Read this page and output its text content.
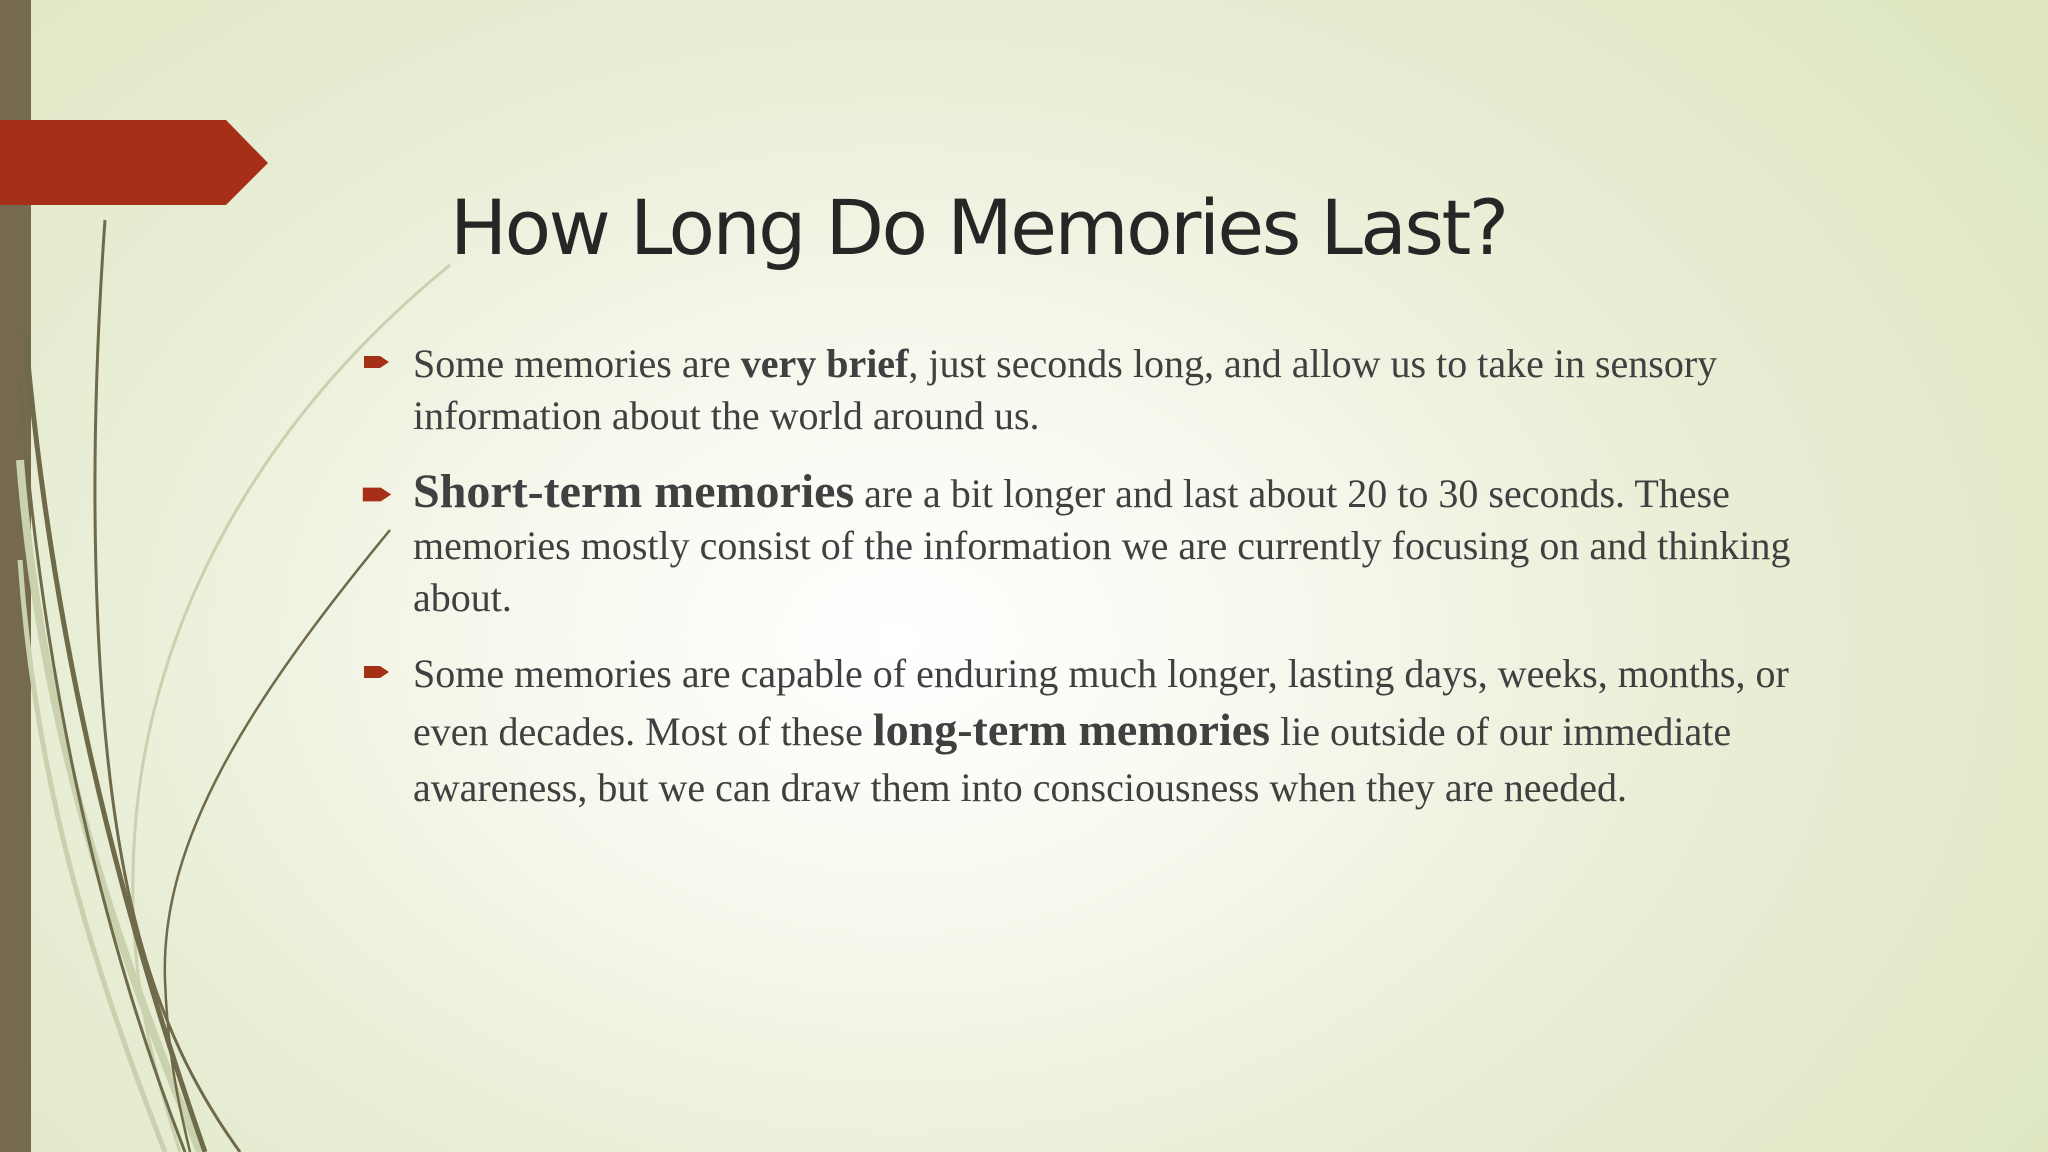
How Long Do Memories Last?

Some memories are very brief, just seconds long, and allow us to take in sensory information about the world around us.

Short-term memories are a bit longer and last about 20 to 30 seconds. These memories mostly consist of the information we are currently focusing on and thinking about.

Some memories are capable of enduring much longer, lasting days, weeks, months, or even decades. Most of these long-term memories lie outside of our immediate awareness, but we can draw them into consciousness when they are needed.
